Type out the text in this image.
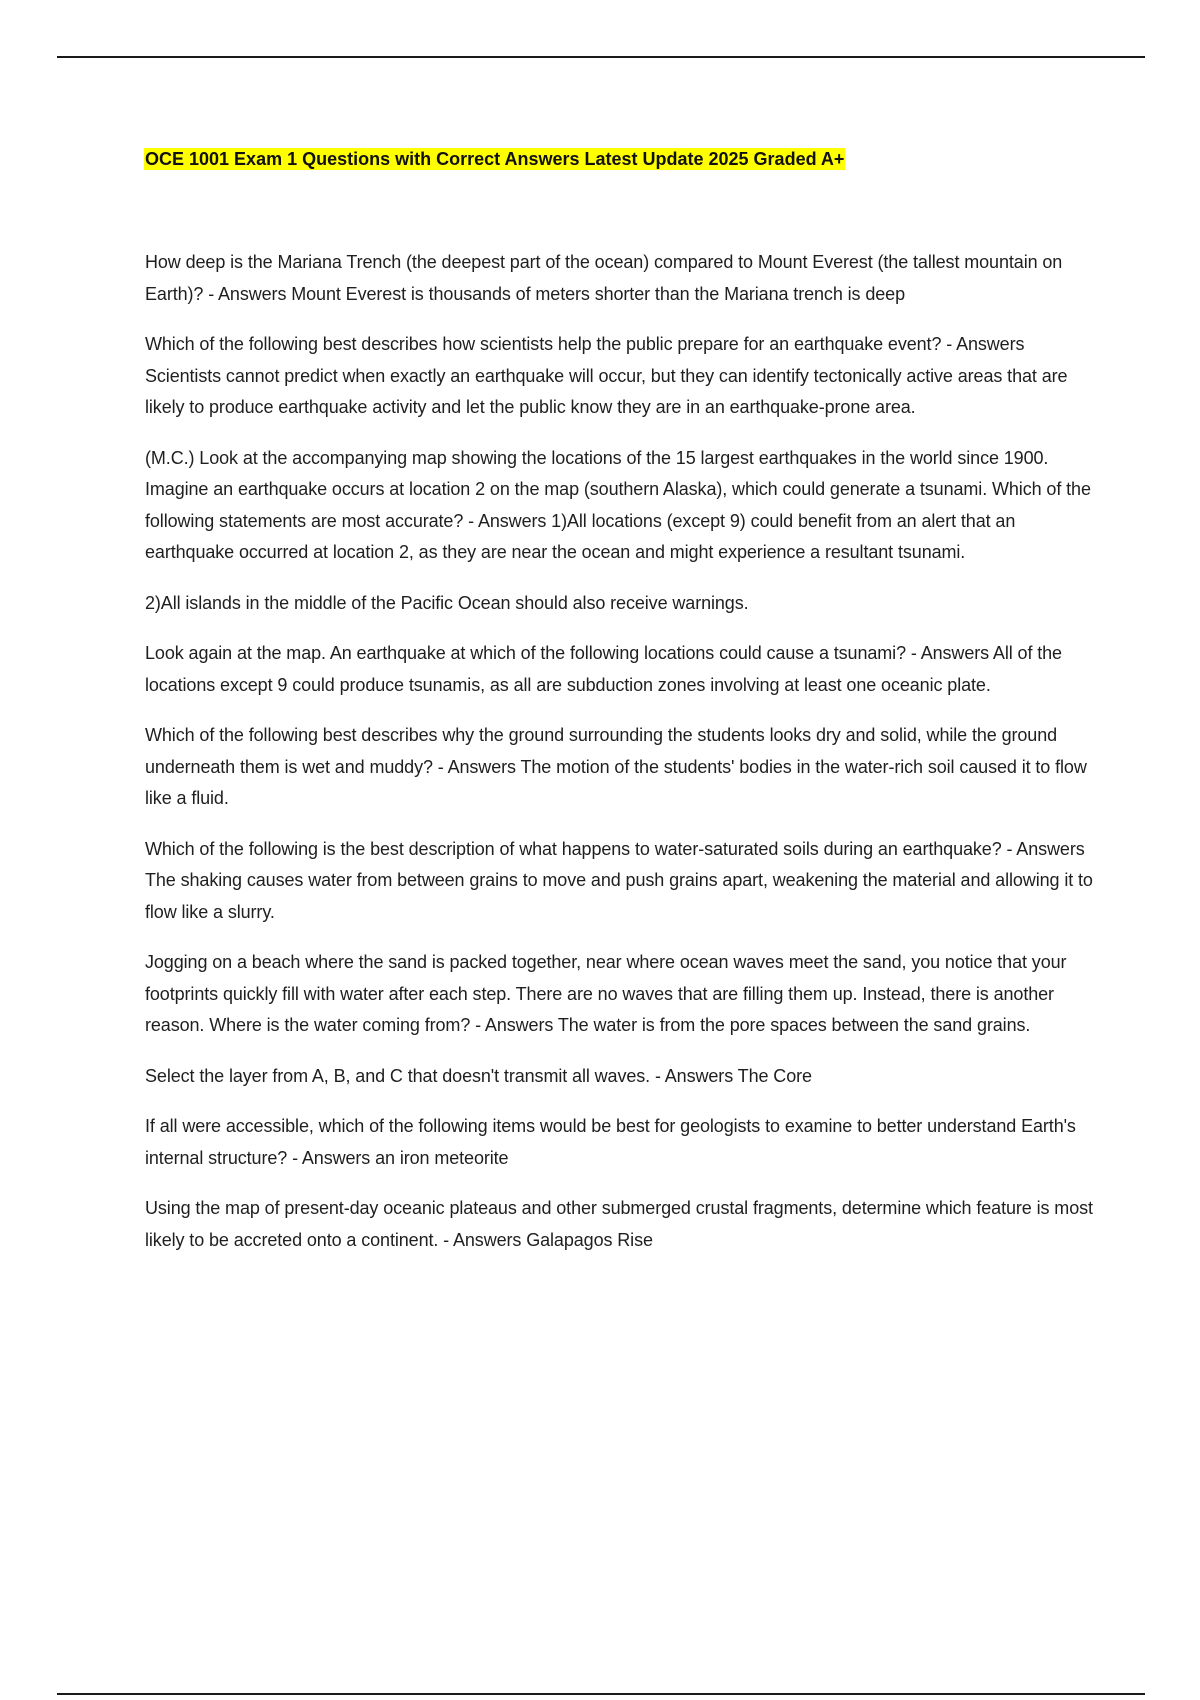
OCE 1001 Exam 1 Questions with Correct Answers Latest Update 2025 Graded A+

How deep is the Mariana Trench (the deepest part of the ocean) compared to Mount Everest (the tallest mountain on Earth)? - Answers Mount Everest is thousands of meters shorter than the Mariana trench is deep

Which of the following best describes how scientists help the public prepare for an earthquake event? - Answers Scientists cannot predict when exactly an earthquake will occur, but they can identify tectonically active areas that are likely to produce earthquake activity and let the public know they are in an earthquake-prone area.

(M.C.) Look at the accompanying map showing the locations of the 15 largest earthquakes in the world since 1900. Imagine an earthquake occurs at location 2 on the map (southern Alaska), which could generate a tsunami. Which of the following statements are most accurate? - Answers 1)All locations (except 9) could benefit from an alert that an earthquake occurred at location 2, as they are near the ocean and might experience a resultant tsunami.

2)All islands in the middle of the Pacific Ocean should also receive warnings.

Look again at the map. An earthquake at which of the following locations could cause a tsunami? - Answers All of the locations except 9 could produce tsunamis, as all are subduction zones involving at least one oceanic plate.

Which of the following best describes why the ground surrounding the students looks dry and solid, while the ground underneath them is wet and muddy? - Answers The motion of the students' bodies in the water-rich soil caused it to flow like a fluid.

Which of the following is the best description of what happens to water-saturated soils during an earthquake? - Answers The shaking causes water from between grains to move and push grains apart, weakening the material and allowing it to flow like a slurry.

Jogging on a beach where the sand is packed together, near where ocean waves meet the sand, you notice that your footprints quickly fill with water after each step. There are no waves that are filling them up. Instead, there is another reason. Where is the water coming from? - Answers The water is from the pore spaces between the sand grains.

Select the layer from A, B, and C that doesn't transmit all waves. - Answers The Core

If all were accessible, which of the following items would be best for geologists to examine to better understand Earth's internal structure? - Answers an iron meteorite

Using the map of present-day oceanic plateaus and other submerged crustal fragments, determine which feature is most likely to be accreted onto a continent. - Answers Galapagos Rise
